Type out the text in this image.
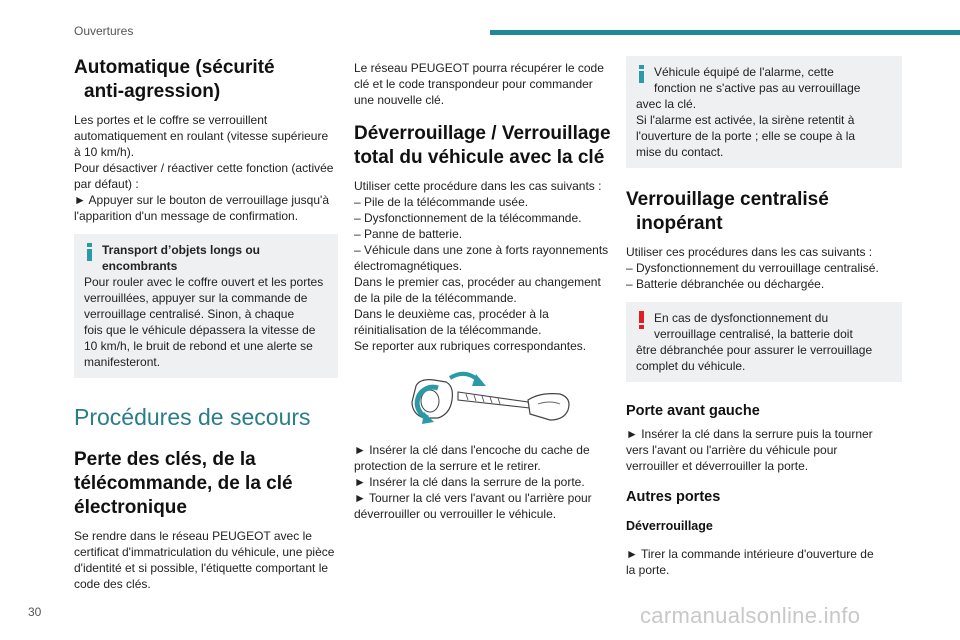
Ouvertures
Automatique (sécurité
anti-agression)

Les portes et le coffre se verrouillent
automatiquement en roulant (vitesse supérieure
à 10 km/h).
Pour désactiver / réactiver cette fonction (activée
par défaut) :
► Appuyer sur le bouton de verrouillage jusqu'à
l'apparition d'un message de confirmation.

Transport d’objets longs ou

encombrants

Pour rouler avec le coffre ouvert et les portes
verrouillées, appuyer sur la commande de
verrouillage centralisé. Sinon, à chaque
fois que le véhicule dépassera la vitesse de
10 km/h, le bruit de rebond et une alerte se
manifesteront.

Procédures de secours
Perte des clés, de la
télécommande, de la clé
électronique

Se rendre dans le réseau PEUGEOT avec le
certificat d'immatriculation du véhicule, une pièce
d'identité et si possible, l'étiquette comportant le
code des clés.

Le réseau PEUGEOT pourra récupérer le code
clé et le code transpondeur pour commander
une nouvelle clé.

Déverrouillage / Verrouillage
total du véhicule avec la clé

Utiliser cette procédure dans les cas suivants :
– Pile de la télécommande usée.
– Dysfonctionnement de la télécommande.
– Panne de batterie.
– Véhicule dans une zone à forts rayonnements
électromagnétiques.
Dans le premier cas, procéder au changement
de la pile de la télécommande.
Dans le deuxième cas, procéder à la
réinitialisation de la télécommande.
Se reporter aux rubriques correspondantes.

► Insérer la clé dans l'encoche du cache de
protection de la serrure et le retirer.
► Insérer la clé dans la serrure de la porte.
► Tourner la clé vers l'avant ou l'arrière pour
déverrouiller ou verrouiller le véhicule.

Véhicule équipé de l'alarme, cette

fonction ne s'active pas au verrouillage

avec la clé.
Si l'alarme est activée, la sirène retentit à
l'ouverture de la porte ; elle se coupe à la
mise du contact.

Verrouillage centralisé
inopérant

Utiliser ces procédures dans les cas suivants :
– Dysfonctionnement du verrouillage centralisé.
– Batterie débranchée ou déchargée.

En cas de dysfonctionnement du

verrouillage centralisé, la batterie doit

être débranchée pour assurer le verrouillage
complet du véhicule.

Porte avant gauche

► Insérer la clé dans la serrure puis la tourner
vers l'avant ou l'arrière du véhicule pour
verrouiller et déverrouiller la porte.

Autres portes
Déverrouillage

► Tirer la commande intérieure d'ouverture de
la porte.

30	carmanualsonline.info
